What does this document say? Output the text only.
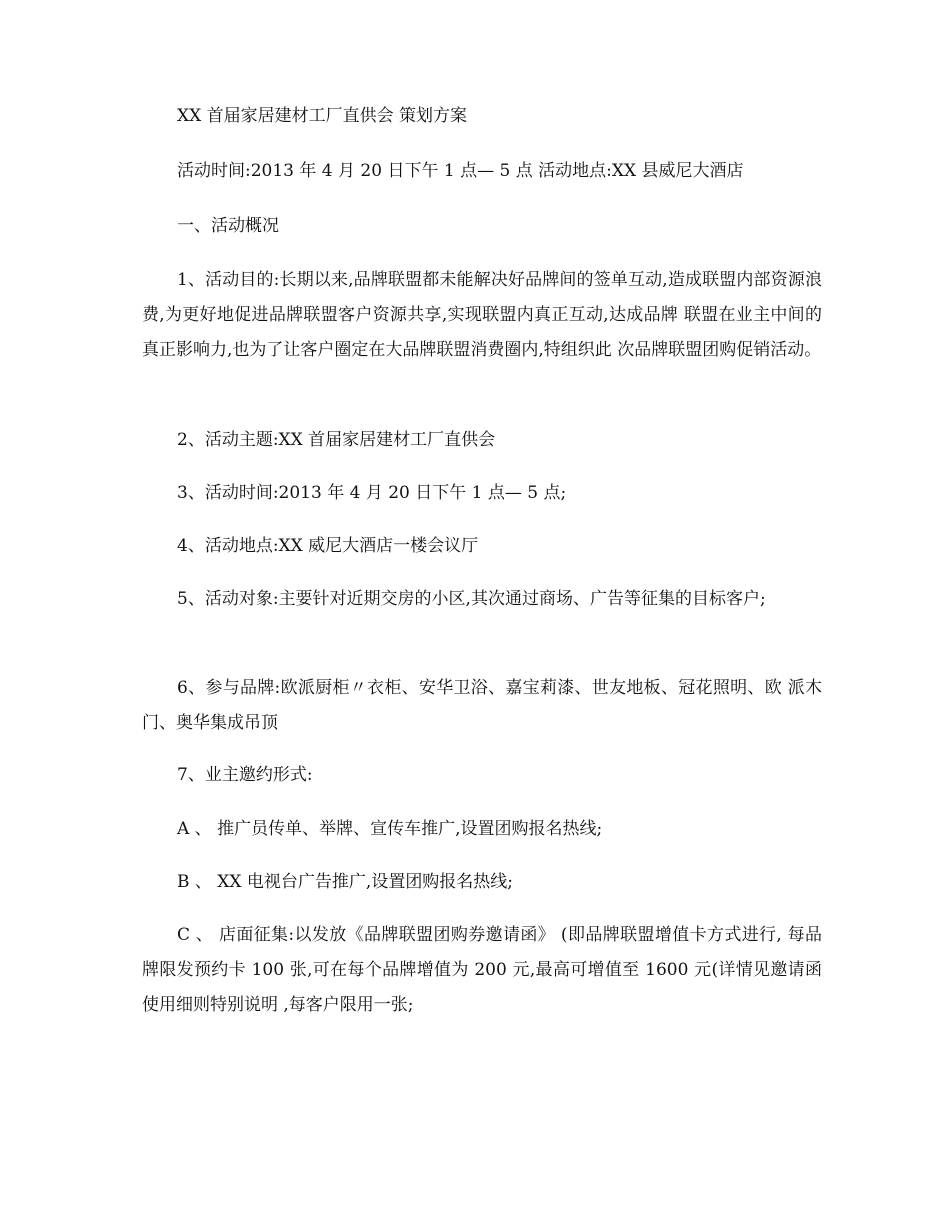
XX 首届家居建材工厂直供会 策划方案
活动时间:2013 年 4 月 20 日下午 1 点— 5 点 活动地点:XX 县威尼大酒店
一、活动概况
1、活动目的:长期以来,品牌联盟都未能解决好品牌间的签单互动,造成联盟内部资源浪费,为更好地促进品牌联盟客户资源共享,实现联盟内真正互动,达成品牌 联盟在业主中间的真正影响力,也为了让客户圈定在大品牌联盟消费圈内,特组织此 次品牌联盟团购促销活动。
2、活动主题:XX 首届家居建材工厂直供会
3、活动时间:2013 年 4 月 20 日下午 1 点— 5 点;
4、活动地点:XX 威尼大酒店一楼会议厅
5、活动对象:主要针对近期交房的小区,其次通过商场、广告等征集的目标客户;
6、参与品牌:欧派厨柜〃衣柜、安华卫浴、嘉宝莉漆、世友地板、冠花照明、欧 派木门、奥华集成吊顶
7、业主邀约形式:
A 、 推广员传单、举牌、宣传车推广,设置团购报名热线;
B 、 XX 电视台广告推广,设置团购报名热线;
C 、 店面征集:以发放《品牌联盟团购券邀请函》 (即品牌联盟增值卡方式进行, 每品牌限发预约卡 100 张,可在每个品牌增值为 200 元,最高可增值至 1600 元(详情见邀请函使用细则特别说明 ,每客户限用一张;
